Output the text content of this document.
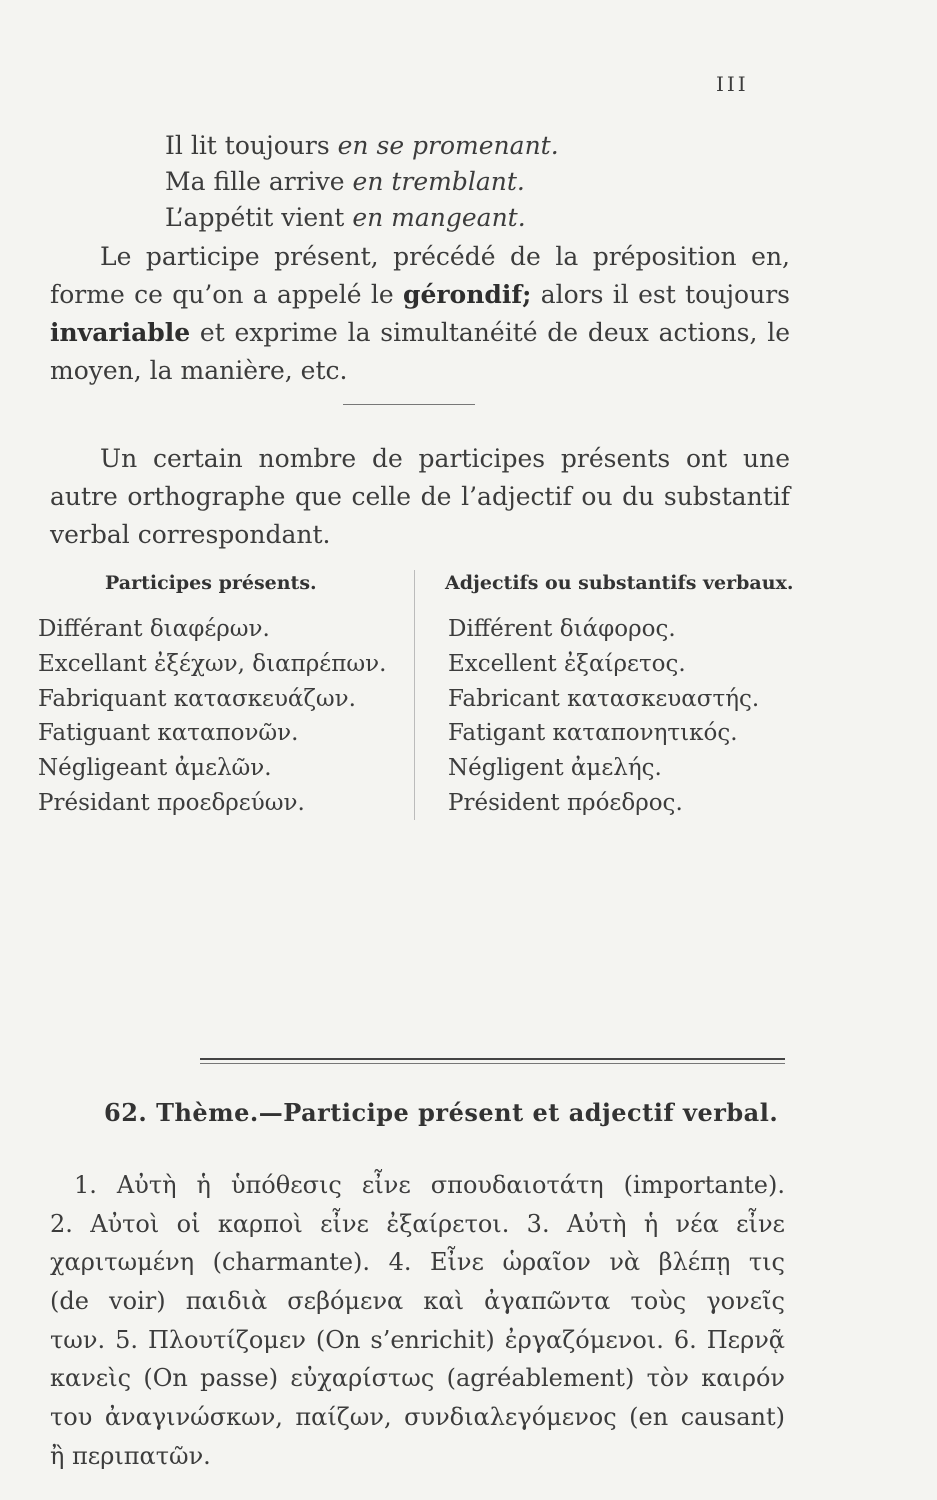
III
Il lit toujours en se promenant.
Ma fille arrive en tremblant.
L’appétit vient en mangeant.
Le participe présent, précédé de la préposition en,
forme ce qu’on a appelé le gérondif; alors il est toujours
invariable et exprime la simultanéité de deux actions, le
moyen, la manière, etc.
Un certain nombre de participes présents ont une
autre orthographe que celle de l’adjectif ou du substantif
verbal correspondant.
Participes présents.	Adjectifs ou substantifs verbaux.
Différant διαφέρων.
Excellant ἐξέχων, διαπρέπων.
Fabriquant κατασκευάζων.
Fatiguant καταπονῶν.
Négligeant ἀμελῶν.
Présidant προεδρεύων.
Différent διάφορος.
Excellent ἐξαίρετος.
Fabricant κατασκευαστής.
Fatigant καταπονητικός.
Négligent ἀμελής.
Président πρόεδρος.
62. Thème.—Participe présent et adjectif verbal.
1. Αὐτὴ ἡ ὑπόθεσις εἶνε σπουδαιοτάτη (importante).
2. Αὐτοὶ οἱ καρποὶ εἶνε ἐξαίρετοι. 3. Αὐτὴ ἡ νέα εἶνε
χαριτωμένη (charmante). 4. Εἶνε ὡραῖον νὰ βλέπῃ τις
(de voir) παιδιὰ σεβόμενα καὶ ἀγαπῶντα τοὺς γονεῖς
των. 5. Πλουτίζομεν (On s’enrichit) ἐργαζόμενοι. 6. Περνᾷ
κανεὶς (On passe) εὐχαρίστως (agréablement) τὸν καιρόν
του ἀναγινώσκων, παίζων, συνδιαλεγόμενος (en causant)
ἢ περιπατῶν.
